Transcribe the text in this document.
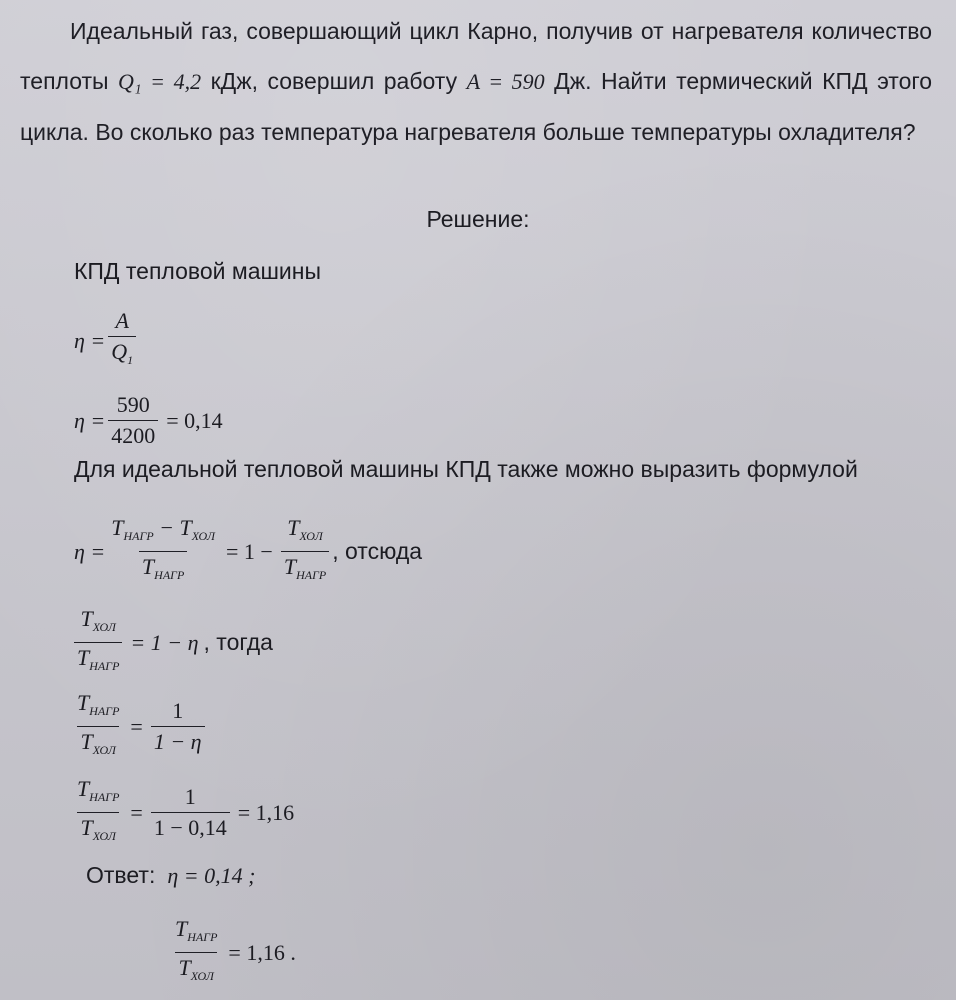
Идеальный газ, совершающий цикл Карно, получив от нагревателя количество теплоты Q₁ = 4,2 кДж, совершил работу A = 590 Дж. Найти термический КПД этого цикла. Во сколько раз температура нагревателя больше температуры охладителя?
Решение:
КПД тепловой машины
$\eta = \frac{A}{Q_1}$
$\eta = \frac{590}{4200} = 0,14$
Для идеальной тепловой машины КПД также можно выразить формулой
$\eta = \frac{T_{НАГР} - T_{ХОЛ}}{T_{НАГР}} = 1 - \frac{T_{ХОЛ}}{T_{НАГР}}$ , отсюда
$\frac{T_{ХОЛ}}{T_{НАГР}} = 1 - \eta$ , тогда
$\frac{T_{НАГР}}{T_{ХОЛ}} = \frac{1}{1 - \eta}$
$\frac{T_{НАГР}}{T_{ХОЛ}} = \frac{1}{1 - 0,14} = 1,16$
Ответ: η = 0,14 ;
$\frac{T_{НАГР}}{T_{ХОЛ}} = 1,16$ .
